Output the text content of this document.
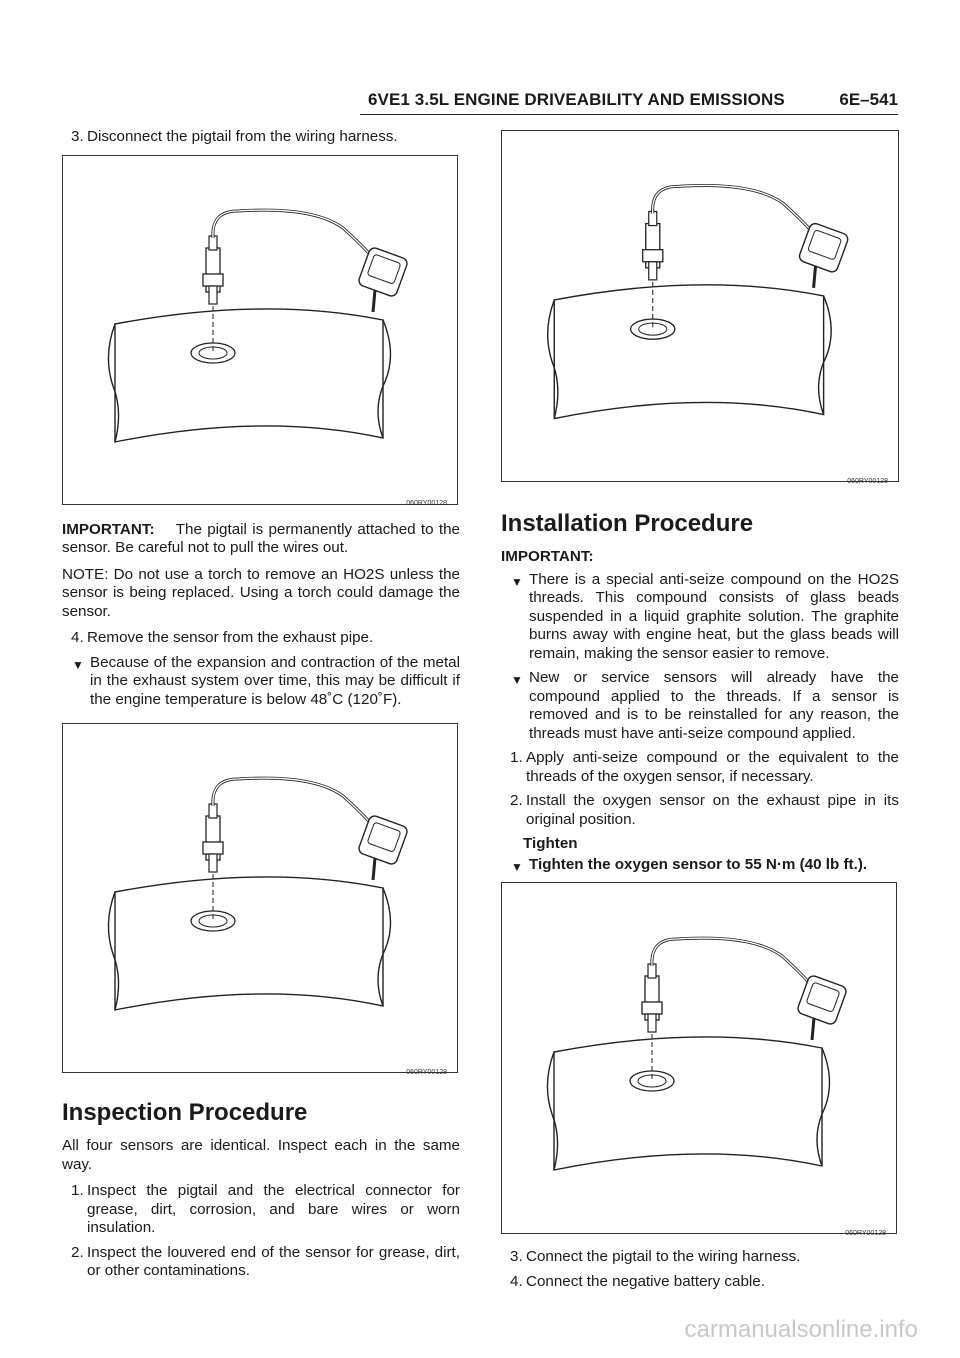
6VE1 3.5L ENGINE DRIVEABILITY AND EMISSIONS	6E–541
3. Disconnect the pigtail from the wiring harness.
060RY00128

IMPORTANT: The pigtail is permanently attached to the sensor. Be careful not to pull the wires out.

NOTE: Do not use a torch to remove an HO2S unless the sensor is being replaced. Using a torch could damage the sensor.

4. Remove the sensor from the exhaust pipe.
▼ Because of the expansion and contraction of the metal in the exhaust system over time, this may be difficult if the engine temperature is below 48˚C (120˚F).
060RY00128
Inspection Procedure

All four sensors are identical. Inspect each in the same way.

1. Inspect the pigtail and the electrical connector for grease, dirt, corrosion, and bare wires or worn insulation.
2. Inspect the louvered end of the sensor for grease, dirt, or other contaminations.
060RY00128
Installation Procedure

IMPORTANT:

▼ There is a special anti-seize compound on the HO2S threads. This compound consists of glass beads suspended in a liquid graphite solution. The graphite burns away with engine heat, but the glass beads will remain, making the sensor easier to remove.
▼ New or service sensors will already have the compound applied to the threads. If a sensor is removed and is to be reinstalled for any reason, the threads must have anti-seize compound applied.
1. Apply anti-seize compound or the equivalent to the threads of the oxygen sensor, if necessary.
2. Install the oxygen sensor on the exhaust pipe in its original position.

Tighten

▼ Tighten the oxygen sensor to 55 N·m (40 lb ft.).
060RY00128
3. Connect the pigtail to the wiring harness.
4. Connect the negative battery cable.
carmanualsonline.info
